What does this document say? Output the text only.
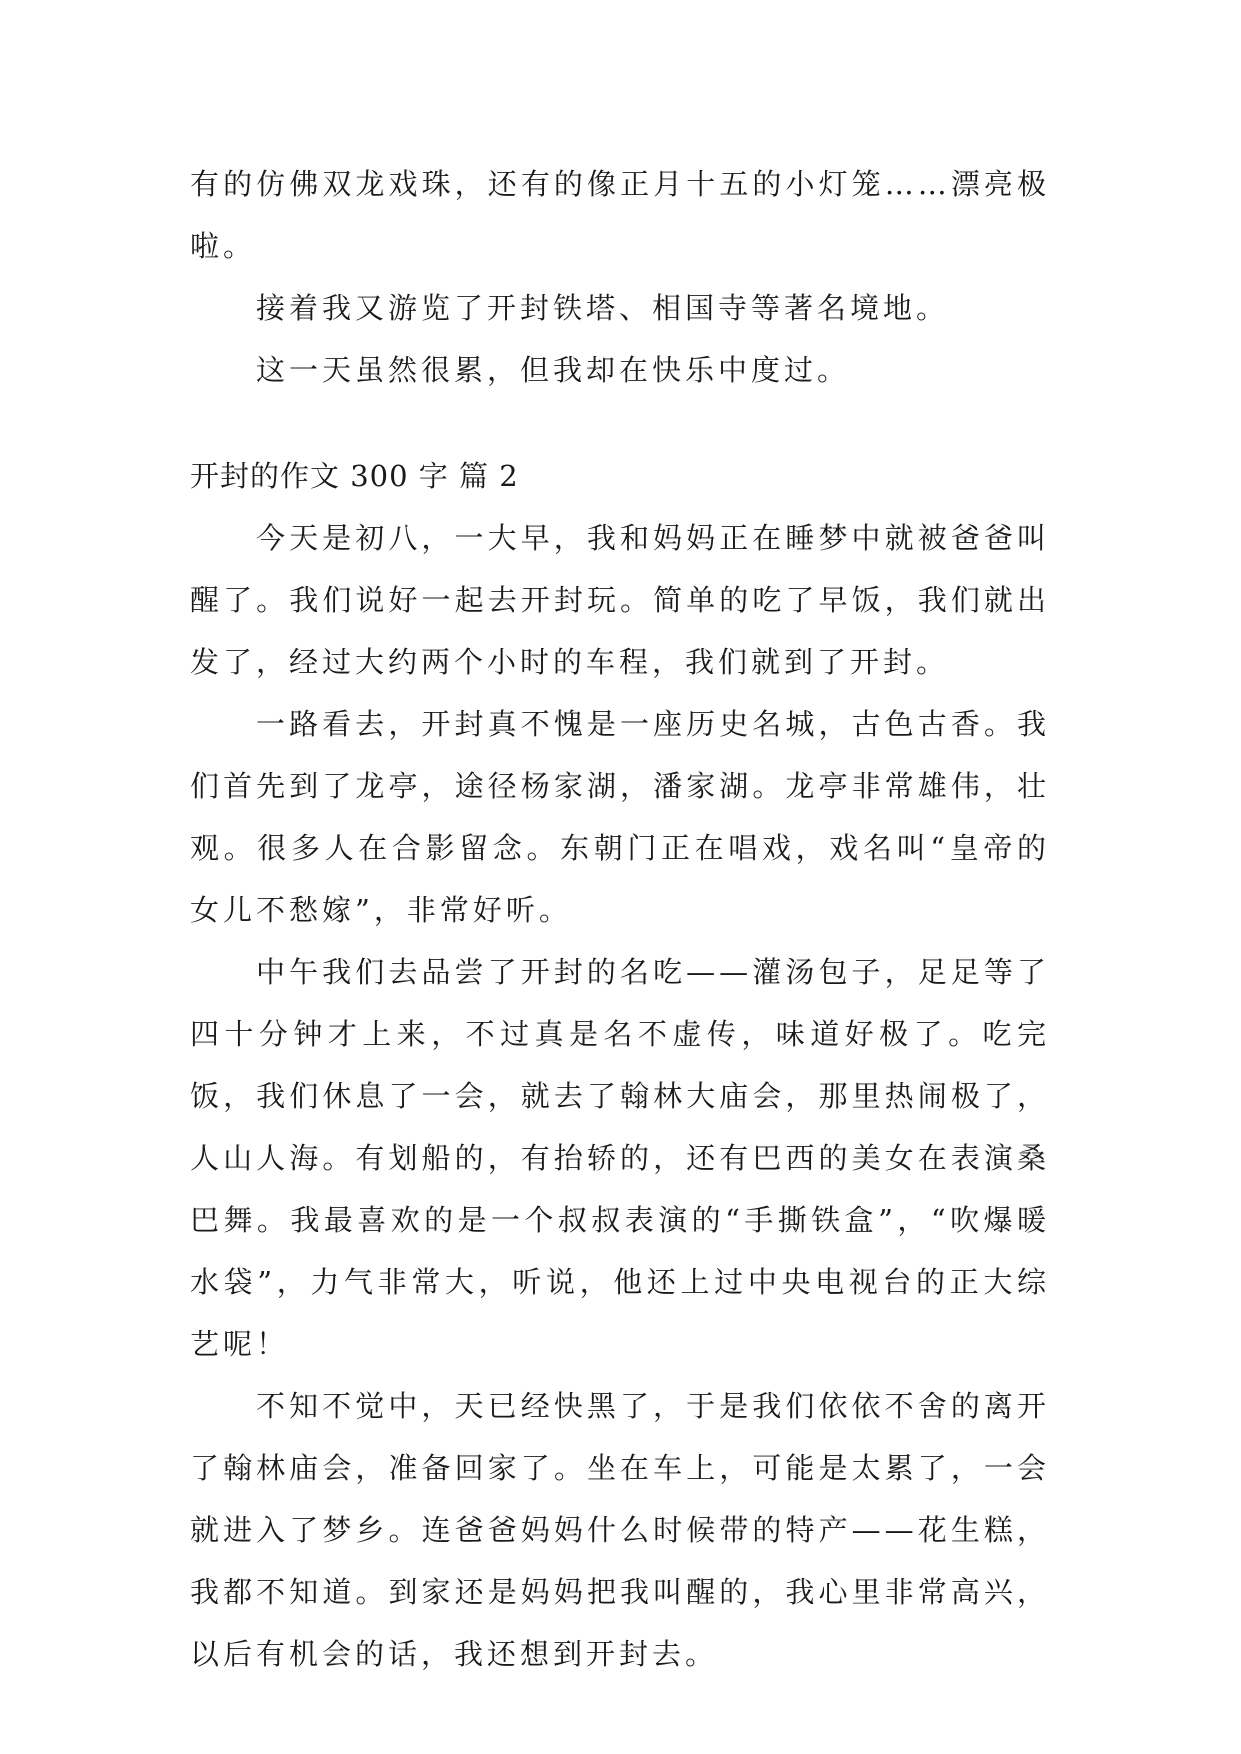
有的仿佛双龙戏珠，还有的像正月十五的小灯笼……漂亮极啦。

接着我又游览了开封铁塔、相国寺等著名境地。

这一天虽然很累，但我却在快乐中度过。

开封的作文 300 字 篇 2

今天是初八，一大早，我和妈妈正在睡梦中就被爸爸叫醒了。我们说好一起去开封玩。简单的吃了早饭，我们就出发了，经过大约两个小时的车程，我们就到了开封。

一路看去，开封真不愧是一座历史名城，古色古香。我们首先到了龙亭，途径杨家湖，潘家湖。龙亭非常雄伟，壮观。很多人在合影留念。东朝门正在唱戏，戏名叫“皇帝的女儿不愁嫁”，非常好听。

中午我们去品尝了开封的名吃——灌汤包子，足足等了四十分钟才上来，不过真是名不虚传，味道好极了。吃完饭，我们休息了一会，就去了翰林大庙会，那里热闹极了，人山人海。有划船的，有抬轿的，还有巴西的美女在表演桑巴舞。我最喜欢的是一个叔叔表演的“手撕铁盒”，“吹爆暖水袋”，力气非常大，听说，他还上过中央电视台的正大综艺呢！

不知不觉中，天已经快黑了，于是我们依依不舍的离开了翰林庙会，准备回家了。坐在车上，可能是太累了，一会就进入了梦乡。连爸爸妈妈什么时候带的特产——花生糕，我都不知道。到家还是妈妈把我叫醒的，我心里非常高兴，以后有机会的话，我还想到开封去。
